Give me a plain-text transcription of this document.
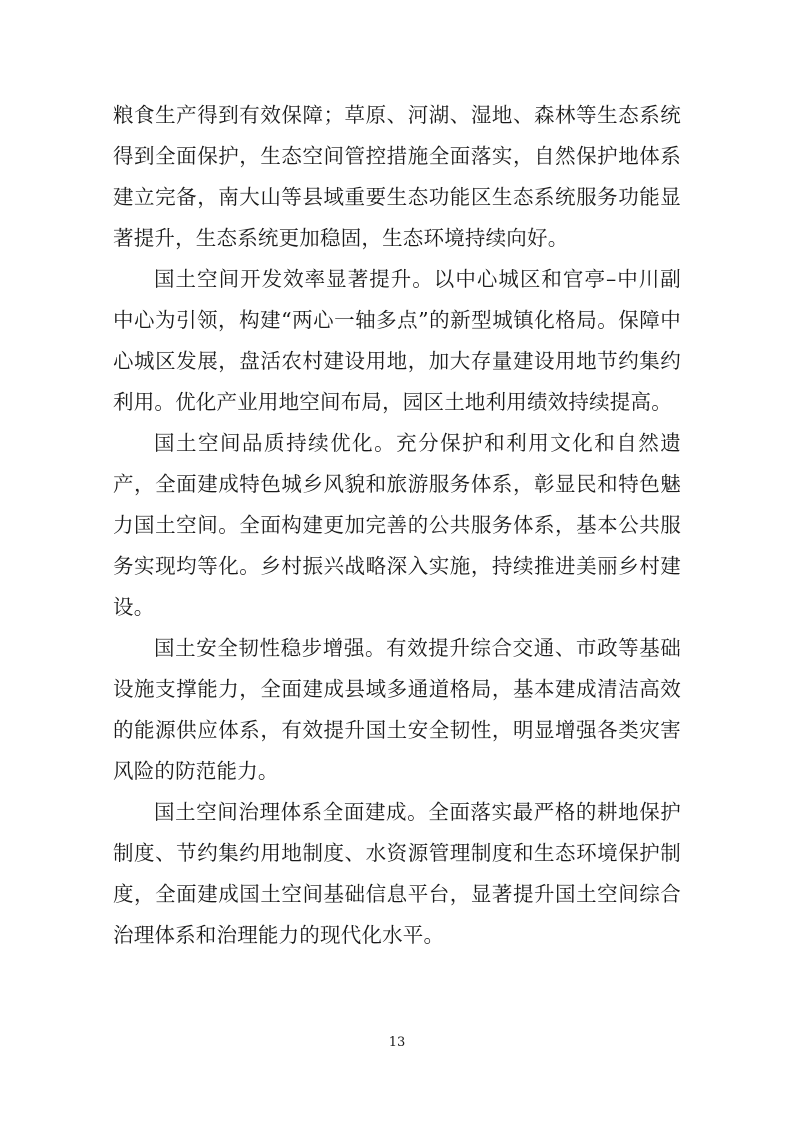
粮食生产得到有效保障；草原、河湖、湿地、森林等生态系统得到全面保护，生态空间管控措施全面落实，自然保护地体系建立完备，南大山等县域重要生态功能区生态系统服务功能显著提升，生态系统更加稳固，生态环境持续向好。

国土空间开发效率显著提升。以中心城区和官亭–中川副中心为引领，构建“两心一轴多点”的新型城镇化格局。保障中心城区发展，盘活农村建设用地，加大存量建设用地节约集约利用。优化产业用地空间布局，园区土地利用绩效持续提高。

国土空间品质持续优化。充分保护和利用文化和自然遗产，全面建成特色城乡风貌和旅游服务体系，彰显民和特色魅力国土空间。全面构建更加完善的公共服务体系，基本公共服务实现均等化。乡村振兴战略深入实施，持续推进美丽乡村建设。

国土安全韧性稳步增强。有效提升综合交通、市政等基础设施支撑能力，全面建成县域多通道格局，基本建成清洁高效的能源供应体系，有效提升国土安全韧性，明显增强各类灾害风险的防范能力。

国土空间治理体系全面建成。全面落实最严格的耕地保护制度、节约集约用地制度、水资源管理制度和生态环境保护制度，全面建成国土空间基础信息平台，显著提升国土空间综合治理体系和治理能力的现代化水平。

13
